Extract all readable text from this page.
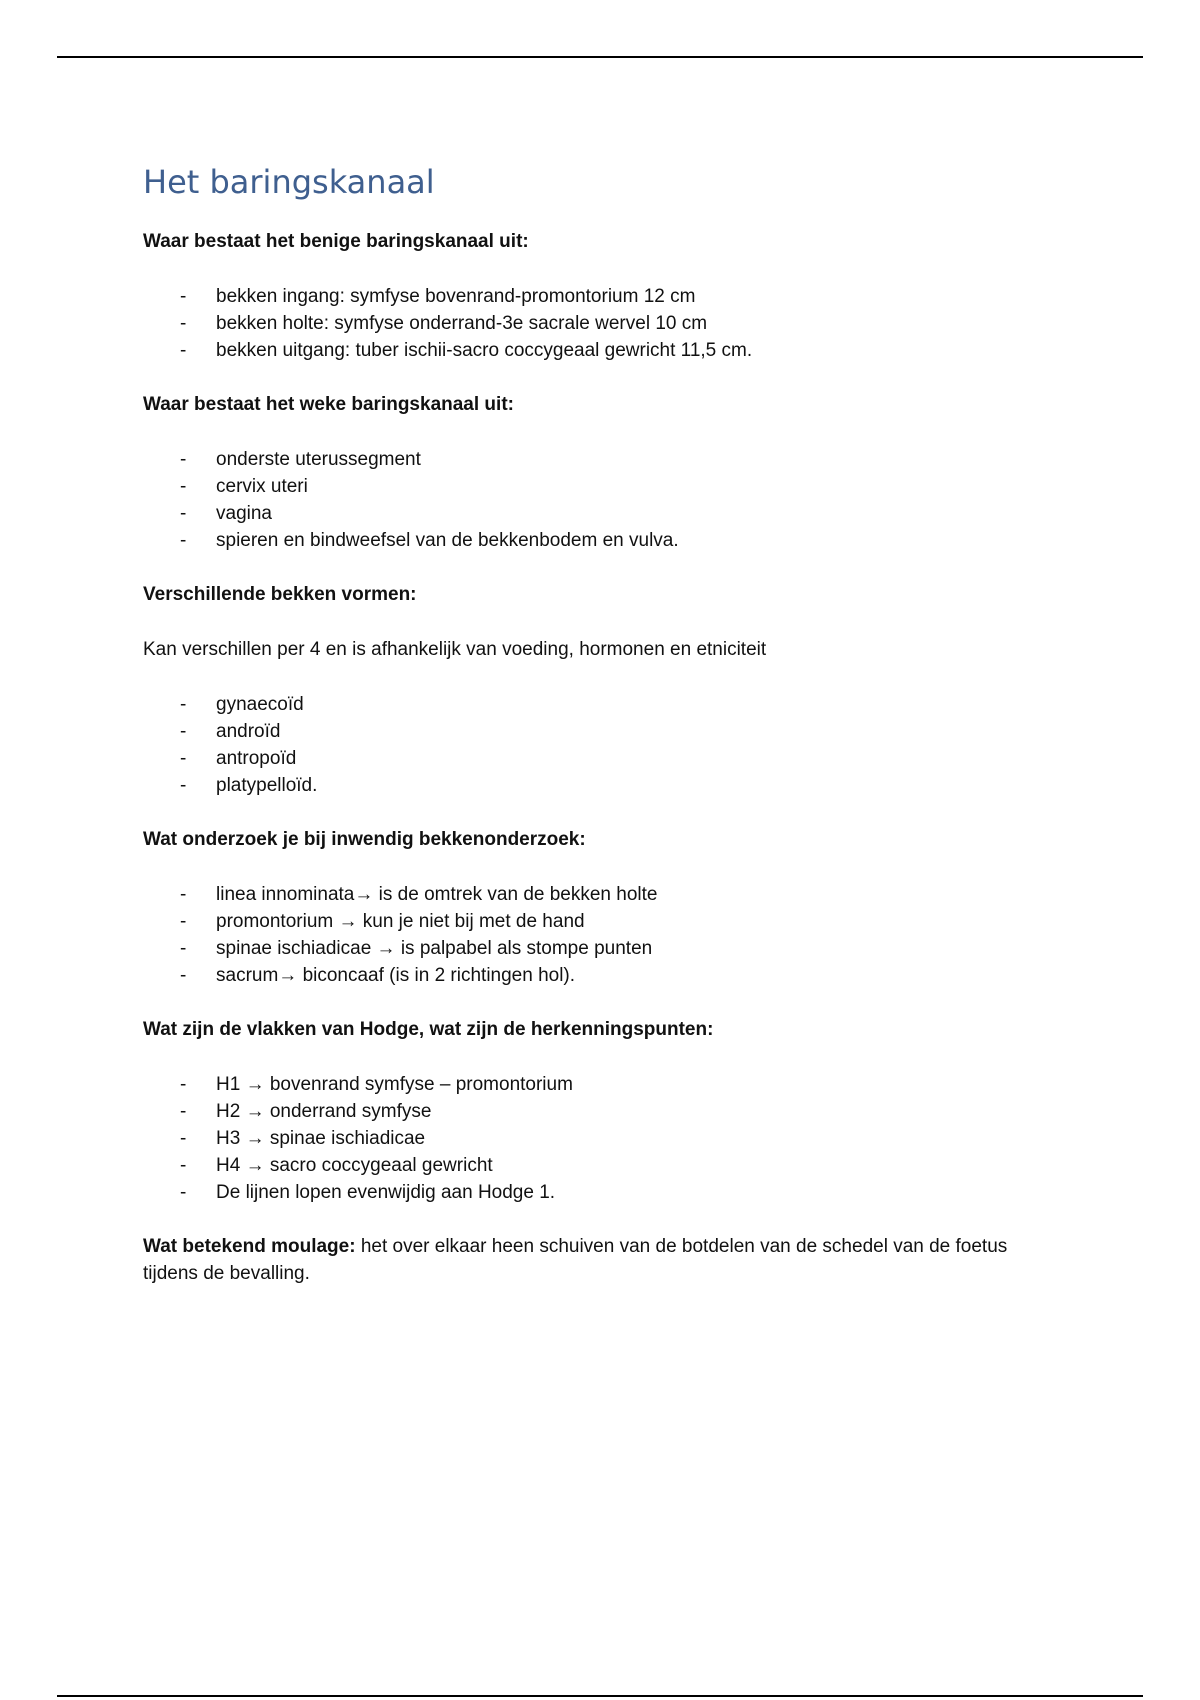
Het baringskanaal

Waar bestaat het benige baringskanaal uit:

- bekken ingang: symfyse bovenrand-promontorium 12 cm
- bekken holte: symfyse onderrand-3e sacrale wervel 10 cm
- bekken uitgang: tuber ischii-sacro coccygeaal gewricht 11,5 cm.

Waar bestaat het weke baringskanaal uit:

- onderste uterussegment
- cervix uteri
- vagina
- spieren en bindweefsel van de bekkenbodem en vulva.

Verschillende bekken vormen:

Kan verschillen per 4 en is afhankelijk van voeding, hormonen en etniciteit

- gynaecoïd
- androïd
- antropoïd
- platypelloïd.

Wat onderzoek je bij inwendig bekkenonderzoek:

- linea innominata→ is de omtrek van de bekken holte
- promontorium → kun je niet bij met de hand
- spinae ischiadicae → is palpabel als stompe punten
- sacrum→ biconcaaf (is in 2 richtingen hol).

Wat zijn de vlakken van Hodge, wat zijn de herkenningspunten:

- H1 → bovenrand symfyse – promontorium
- H2 → onderrand symfyse
- H3 → spinae ischiadicae
- H4 → sacro coccygeaal gewricht
- De lijnen lopen evenwijdig aan Hodge 1.

Wat betekend moulage: het over elkaar heen schuiven van de botdelen van de schedel van de foetus tijdens de bevalling.
